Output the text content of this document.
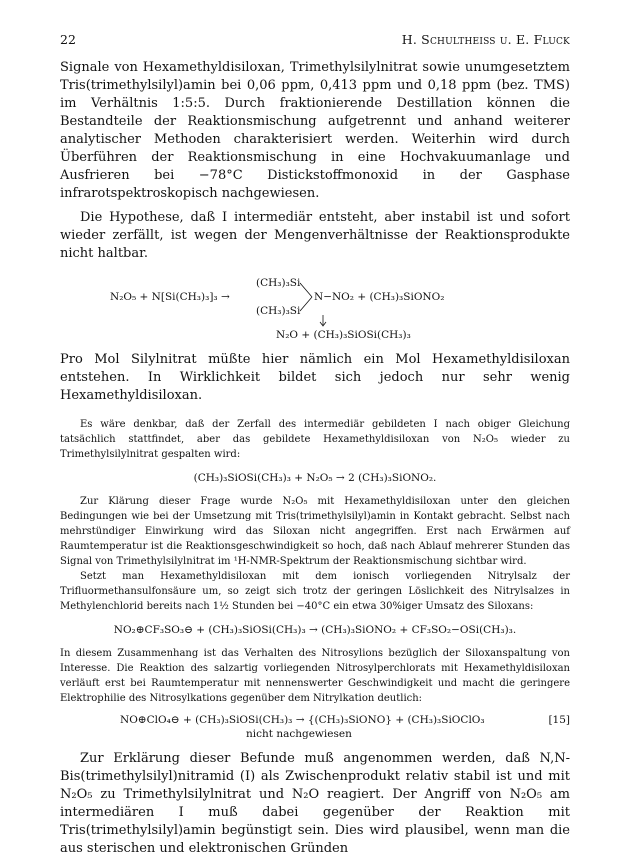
22	H. Schultheiss u. E. Fluck

Signale von Hexamethyldisiloxan, Trimethylsilylnitrat sowie unumgesetztem Tris(trimethylsilyl)amin bei 0,06 ppm, 0,413 ppm und 0,18 ppm (bez. TMS) im Verhältnis 1:5:5. Durch fraktionierende Destillation können die Bestandteile der Reaktionsmischung aufgetrennt und anhand weiterer analytischer Methoden charakterisiert werden. Weiterhin wird durch Überführen der Reaktionsmischung in eine Hochvakuumanlage und Ausfrieren bei −78°C Distickstoffmonoxid in der Gasphase infrarotspektroskopisch nachgewiesen.

Die Hypothese, daß I intermediär entsteht, aber instabil ist und sofort wieder zerfällt, ist wegen der Mengenverhältnisse der Reaktionsprodukte nicht haltbar.

N₂O₅ + N[Si(CH₃)₃]₃ →
(CH₃)₃Si
(CH₃)₃Si
N−NO₂ + (CH₃)₃SiONO₂
N₂O + (CH₃)₃SiOSi(CH₃)₃

Pro Mol Silylnitrat müßte hier nämlich ein Mol Hexamethyldisiloxan entstehen. In Wirklichkeit bildet sich jedoch nur sehr wenig Hexamethyldisiloxan.

Es wäre denkbar, daß der Zerfall des intermediär gebildeten I nach obiger Gleichung tatsächlich stattfindet, aber das gebildete Hexamethyldisiloxan von N₂O₅ wieder zu Trimethylsilylnitrat gespalten wird:

(CH₃)₃SiOSi(CH₃)₃ + N₂O₅ → 2 (CH₃)₃SiONO₂.

Zur Klärung dieser Frage wurde N₂O₅ mit Hexamethyldisiloxan unter den gleichen Bedingungen wie bei der Umsetzung mit Tris(trimethylsilyl)amin in Kontakt gebracht. Selbst nach mehrstündiger Einwirkung wird das Siloxan nicht angegriffen. Erst nach Erwärmen auf Raumtemperatur ist die Reaktionsgeschwindigkeit so hoch, daß nach Ablauf mehrerer Stunden das Signal von Trimethylsilylnitrat im ¹H-NMR-Spektrum der Reaktionsmischung sichtbar wird.

Setzt man Hexamethyldisiloxan mit dem ionisch vorliegenden Nitrylsalz der Trifluormethansulfonsäure um, so zeigt sich trotz der geringen Löslichkeit des Nitrylsalzes in Methylenchlorid bereits nach 1½ Stunden bei −40°C ein etwa 30%iger Umsatz des Siloxans:

NO₂⊕CF₃SO₃⊖ + (CH₃)₃SiOSi(CH₃)₃ → (CH₃)₃SiONO₂ + CF₃SO₂−OSi(CH₃)₃.

In diesem Zusammenhang ist das Verhalten des Nitrosylions bezüglich der Siloxanspaltung von Interesse. Die Reaktion des salzartig vorliegenden Nitrosylperchlorats mit Hexamethyldisiloxan verläuft erst bei Raumtemperatur mit nennenswerter Geschwindigkeit und macht die geringere Elektrophilie des Nitrosylkations gegenüber dem Nitrylkation deutlich:

NO⊕ClO₄⊖ + (CH₃)₃SiOSi(CH₃)₃ → {(CH₃)₃SiONO} + (CH₃)₃SiOClO₃
nicht nachgewiesen
[15]

Zur Erklärung dieser Befunde muß angenommen werden, daß N,N-Bis(trimethylsilyl)nitramid (I) als Zwischenprodukt relativ stabil ist und mit N₂O₅ zu Trimethylsilylnitrat und N₂O reagiert. Der Angriff von N₂O₅ am intermediären I muß dabei gegenüber der Reaktion mit Tris(trimethylsilyl)amin begünstigt sein. Dies wird plausibel, wenn man die aus sterischen und elektronischen Gründen
